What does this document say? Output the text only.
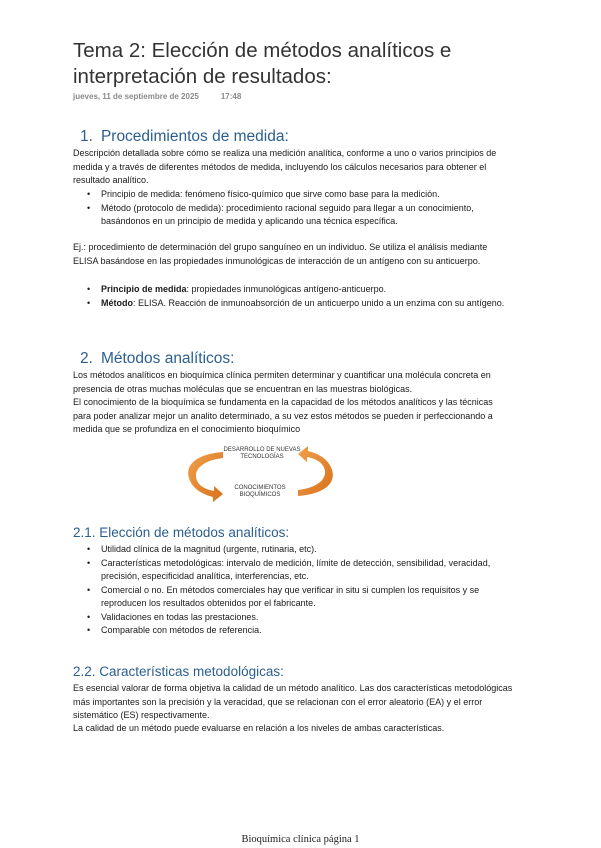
Tema 2: Elección de métodos analíticos e interpretación de resultados:
jueves, 11 de septiembre de 2025	17:48
1. Procedimientos de medida:

Descripción detallada sobre cómo se realiza una medición analítica, conforme a uno o varios principios de medida y a través de diferentes métodos de medida, incluyendo los cálculos necesarios para obtener el resultado analítico.

• Principio de medida: fenómeno físico-químico que sirve como base para la medición.
• Método (protocolo de medida): procedimiento racional seguido para llegar a un conocimiento, basándonos en un principio de medida y aplicando una técnica específica.

Ej.: procedimiento de determinación del grupo sanguíneo en un individuo. Se utiliza el análisis mediante ELISA basándose en las propiedades inmunológicas de interacción de un antígeno con su anticuerpo.

• Principio de medida: propiedades inmunológicas antígeno-anticuerpo.
• Método: ELISA. Reacción de inmunoabsorción de un anticuerpo unido a un enzima con su antígeno.
2. Métodos analíticos:

Los métodos analíticos en bioquímica clínica permiten determinar y cuantificar una molécula concreta en presencia de otras muchas moléculas que se encuentran en las muestras biológicas.

El conocimiento de la bioquímica se fundamenta en la capacidad de los métodos analíticos y las técnicas para poder analizar mejor un analito determinado, a su vez estos métodos se pueden ir perfeccionando a medida que se profundiza en el conocimiento bioquímico

DESARROLLO DE NUEVAS TECNOLOGÍAS
CONOCIMIENTOS BIOQUÍMICOS
2.1. Elección de métodos analíticos:
• Utilidad clínica de la magnitud (urgente, rutinaria, etc).
• Características metodológicas: intervalo de medición, límite de detección, sensibilidad, veracidad, precisión, especificidad analítica, interferencias, etc.
• Comercial o no. En métodos comerciales hay que verificar in situ si cumplen los requisitos y se reproducen los resultados obtenidos por el fabricante.
• Validaciones en todas las prestaciones.
• Comparable con métodos de referencia.
2.2. Características metodológicas:

Es esencial valorar de forma objetiva la calidad de un método analítico. Las dos características metodológicas más importantes son la precisión y la veracidad, que se relacionan con el error aleatorio (EA) y el error sistemático (ES) respectivamente.

La calidad de un método puede evaluarse en relación a los niveles de ambas características.

Bioquímica clínica página 1
